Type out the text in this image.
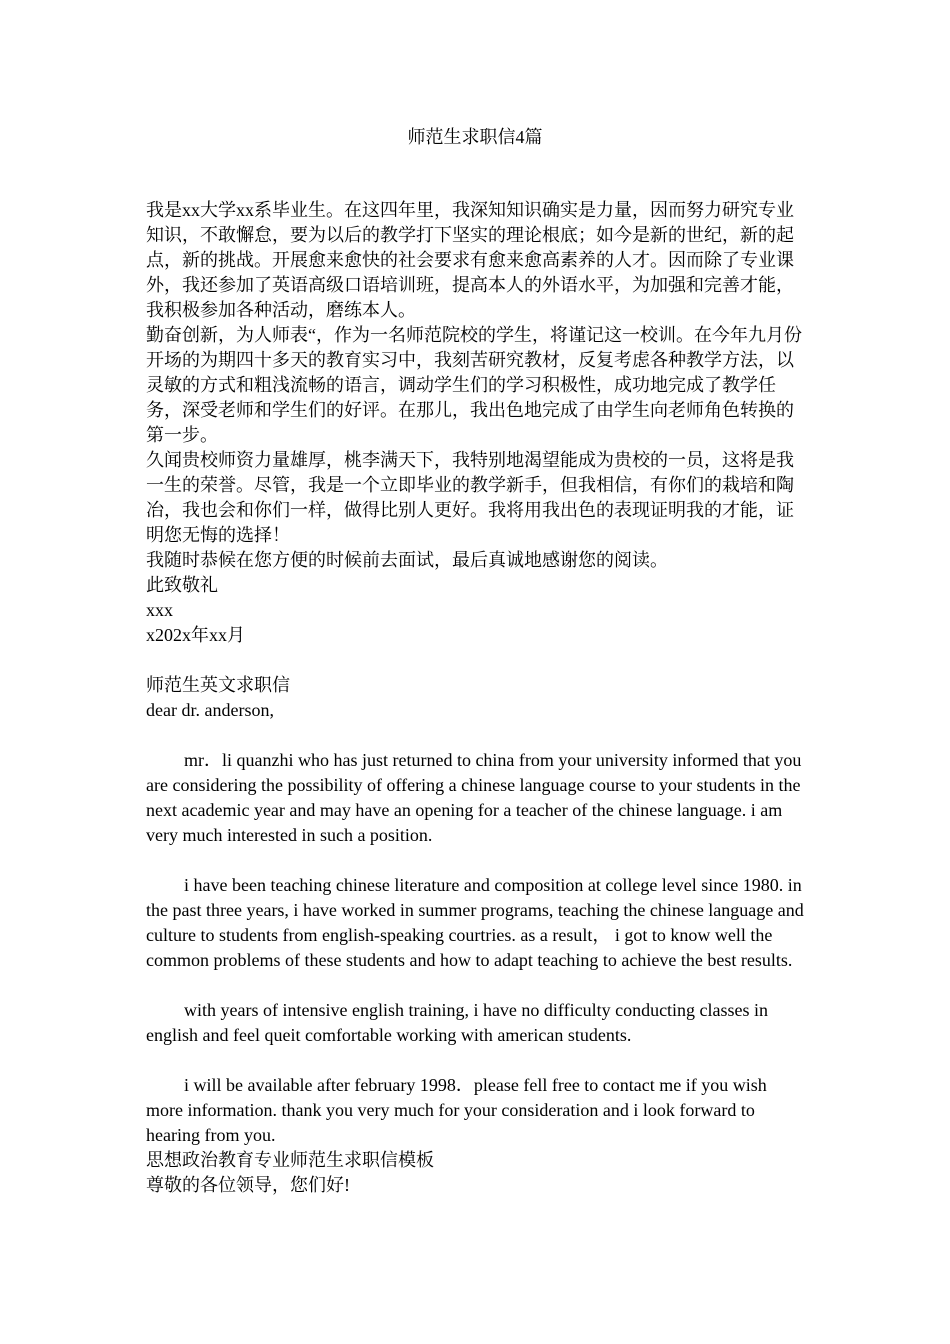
师范生求职信4篇

我是xx大学xx系毕业生。在这四年里，我深知知识确实是力量，因而努力研究专业知识，不敢懈怠，要为以后的教学打下坚实的理论根底；如今是新的世纪，新的起点，新的挑战。开展愈来愈快的社会要求有愈来愈高素养的人才。因而除了专业课外，我还参加了英语高级口语培训班，提高本人的外语水平，为加强和完善才能，我积极参加各种活动，磨练本人。

勤奋创新，为人师表“，作为一名师范院校的学生，将谨记这一校训。在今年九月份开场的为期四十多天的教育实习中，我刻苦研究教材，反复考虑各种教学方法，以灵敏的方式和粗浅流畅的语言，调动学生们的学习积极性，成功地完成了教学任务，深受老师和学生们的好评。在那儿，我出色地完成了由学生向老师角色转换的第一步。

久闻贵校师资力量雄厚，桃李满天下，我特别地渴望能成为贵校的一员，这将是我一生的荣誉。尽管，我是一个立即毕业的教学新手，但我相信，有你们的栽培和陶冶，我也会和你们一样，做得比别人更好。我将用我出色的表现证明我的才能，证明您无悔的选择！

我随时恭候在您方便的时候前去面试，最后真诚地感谢您的阅读。

此致敬礼

xxx

x202x年xx月

师范生英文求职信

dear dr. anderson,

mr．li quanzhi who has just returned to china from your university informed that you are considering the possibility of offering a chinese language course to your students in the next academic year and may have an opening for a teacher of the chinese language. i am very much interested in such a position.

i have been teaching chinese literature and composition at college level since 1980. in the past three years, i have worked in summer programs, teaching the chinese language and culture to students from english-speaking courtries. as a result， i got to know well the common problems of these students and how to adapt teaching to achieve the best results.

with years of intensive english training, i have no difficulty conducting classes in english and feel queit comfortable working with american students.

i will be available after february 1998．please fell free to contact me if you wish more information. thank you very much for your consideration and i look forward to hearing from you.

思想政治教育专业师范生求职信模板

尊敬的各位领导，您们好!
